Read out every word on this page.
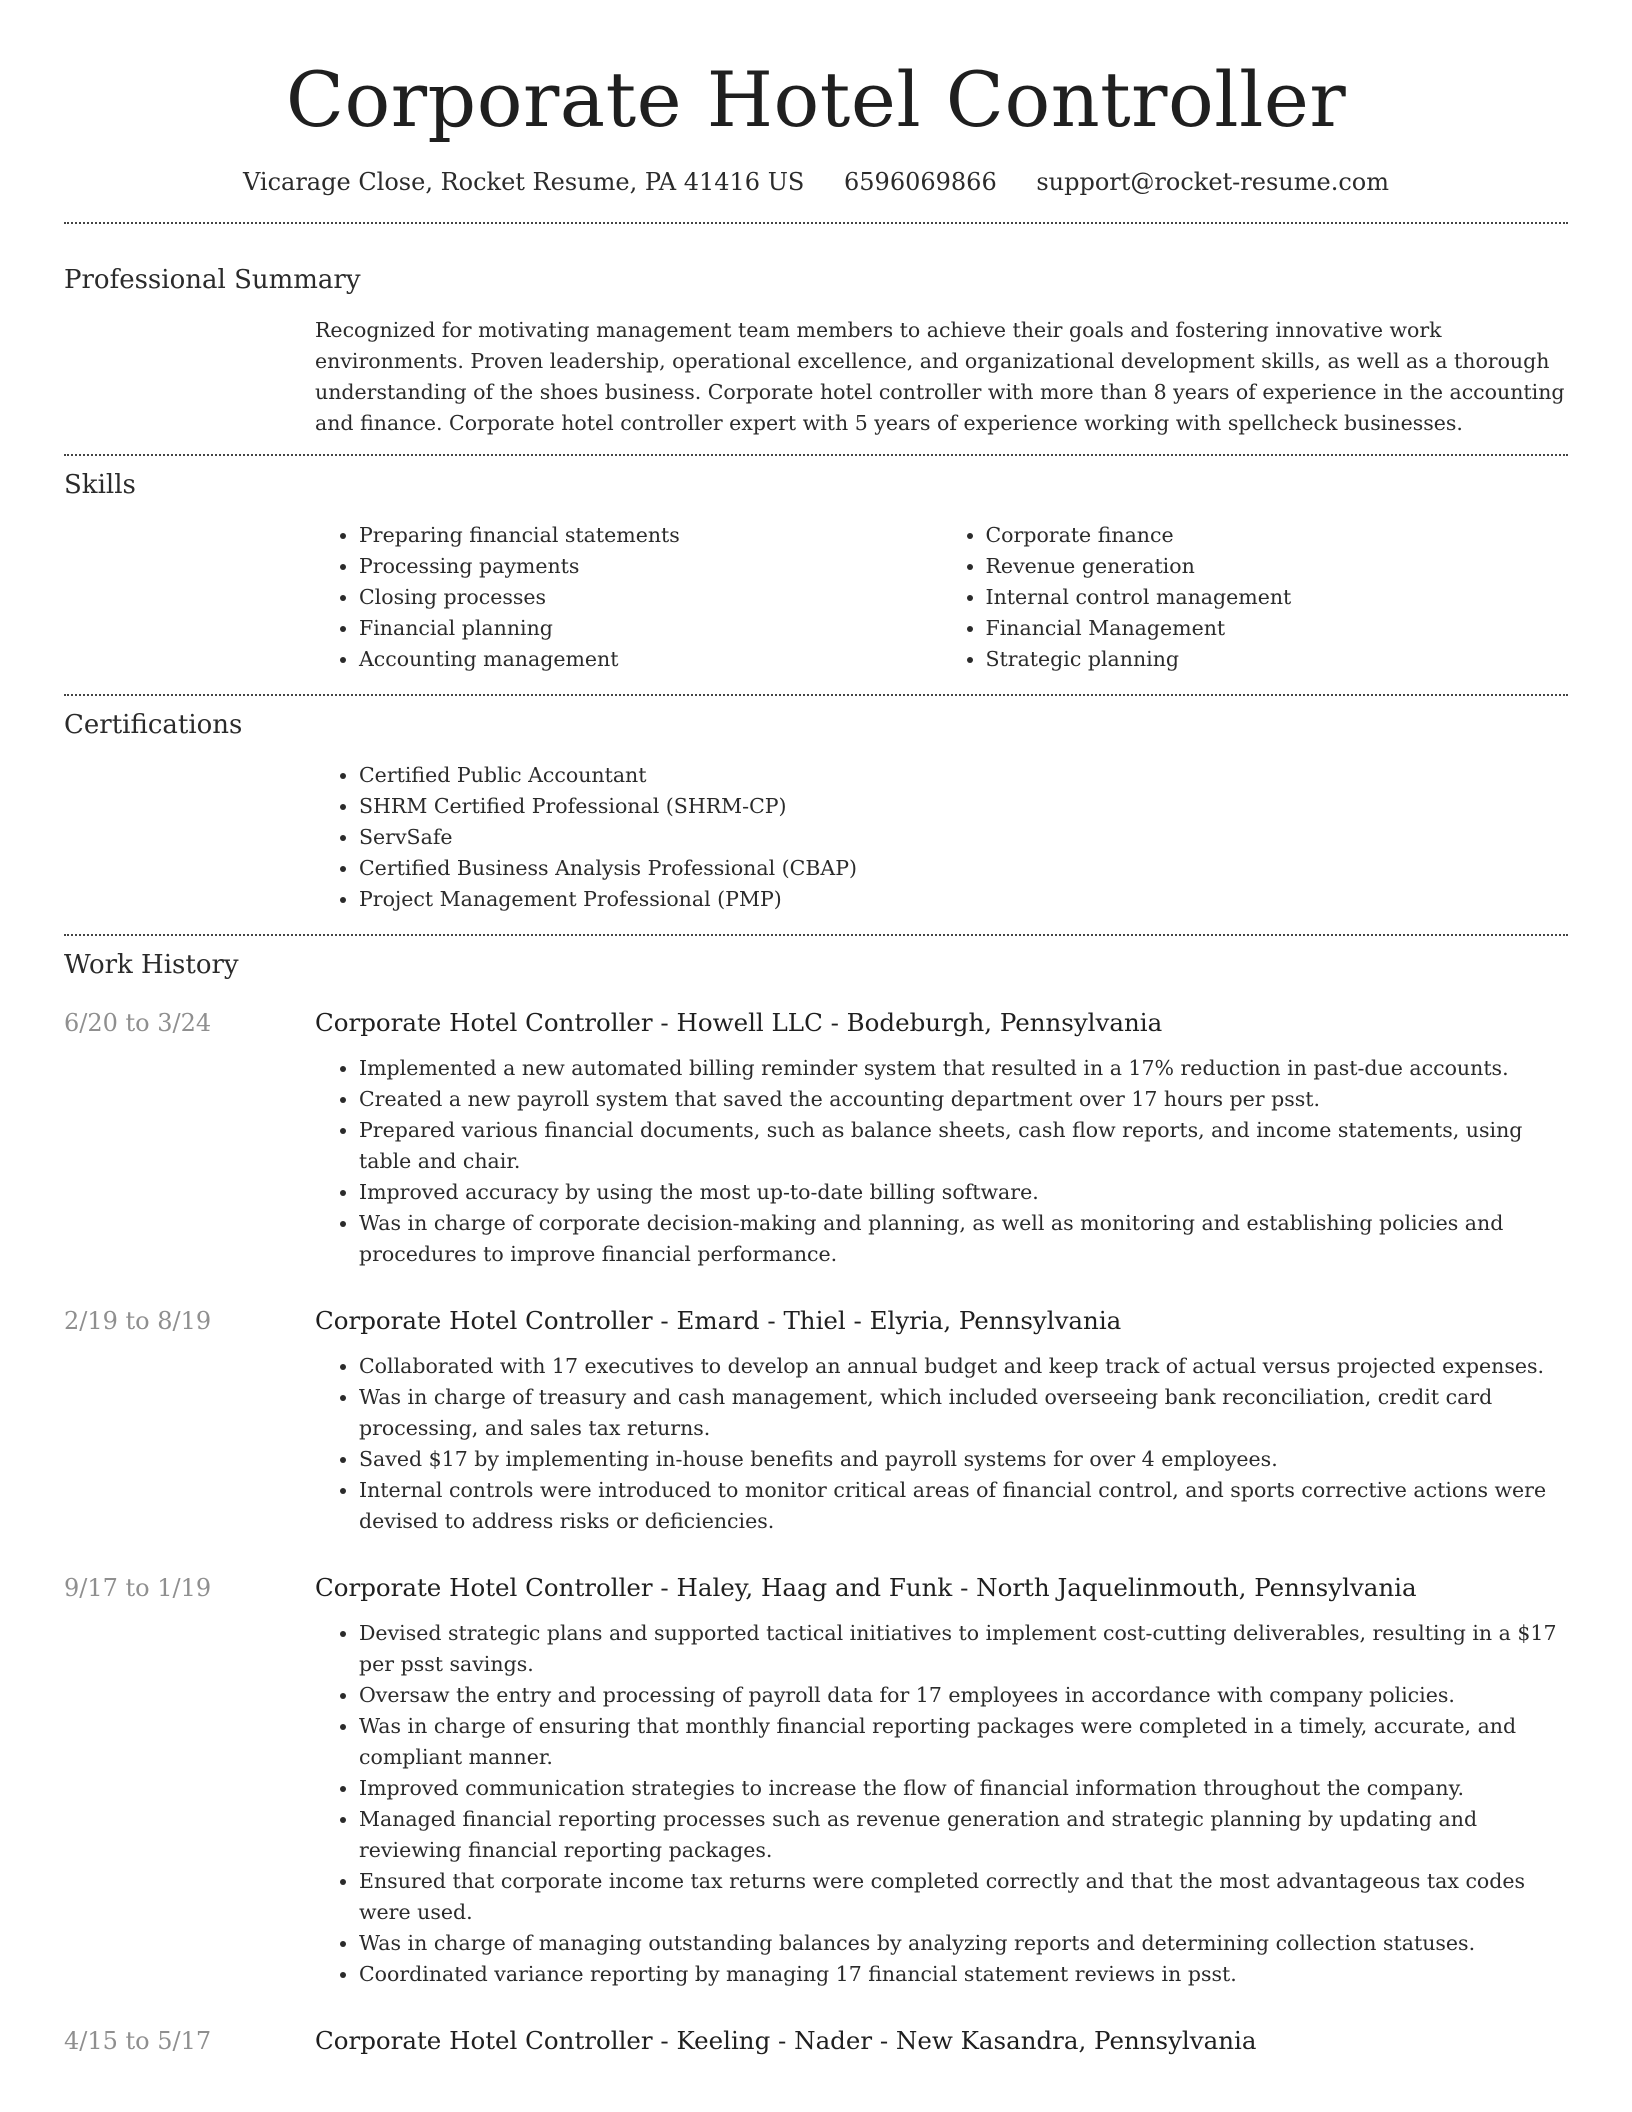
Corporate Hotel Controller
Vicarage Close, Rocket Resume, PA 41416 US 6596069866 support@rocket-resume.com
Professional Summary

Recognized for motivating management team members to achieve their goals and fostering innovative work environments. Proven leadership, operational excellence, and organizational development skills, as well as a thorough understanding of the shoes business. Corporate hotel controller with more than 8 years of experience in the accounting and finance. Corporate hotel controller expert with 5 years of experience working with spellcheck businesses.

Skills
• Preparing financial statements
• Processing payments
• Closing processes
• Financial planning
• Accounting management
• Corporate finance
• Revenue generation
• Internal control management
• Financial Management
• Strategic planning
Certifications
• Certified Public Accountant
• SHRM Certified Professional (SHRM-CP)
• ServSafe
• Certified Business Analysis Professional (CBAP)
• Project Management Professional (PMP)
Work History
6/20 to 3/24	Corporate Hotel Controller - Howell LLC - Bodeburgh, Pennsylvania
• Implemented a new automated billing reminder system that resulted in a 17% reduction in past-due accounts.
• Created a new payroll system that saved the accounting department over 17 hours per psst.
• Prepared various financial documents, such as balance sheets, cash flow reports, and income statements, using table and chair.
• Improved accuracy by using the most up-to-date billing software.
• Was in charge of corporate decision-making and planning, as well as monitoring and establishing policies and procedures to improve financial performance.
2/19 to 8/19	Corporate Hotel Controller - Emard - Thiel - Elyria, Pennsylvania
• Collaborated with 17 executives to develop an annual budget and keep track of actual versus projected expenses.
• Was in charge of treasury and cash management, which included overseeing bank reconciliation, credit card processing, and sales tax returns.
• Saved $17 by implementing in-house benefits and payroll systems for over 4 employees.
• Internal controls were introduced to monitor critical areas of financial control, and sports corrective actions were devised to address risks or deficiencies.
9/17 to 1/19	Corporate Hotel Controller - Haley, Haag and Funk - North Jaquelinmouth, Pennsylvania
• Devised strategic plans and supported tactical initiatives to implement cost-cutting deliverables, resulting in a $17 per psst savings.
• Oversaw the entry and processing of payroll data for 17 employees in accordance with company policies.
• Was in charge of ensuring that monthly financial reporting packages were completed in a timely, accurate, and compliant manner.
• Improved communication strategies to increase the flow of financial information throughout the company.
• Managed financial reporting processes such as revenue generation and strategic planning by updating and reviewing financial reporting packages.
• Ensured that corporate income tax returns were completed correctly and that the most advantageous tax codes were used.
• Was in charge of managing outstanding balances by analyzing reports and determining collection statuses.
• Coordinated variance reporting by managing 17 financial statement reviews in psst.
4/15 to 5/17	Corporate Hotel Controller - Keeling - Nader - New Kasandra, Pennsylvania
